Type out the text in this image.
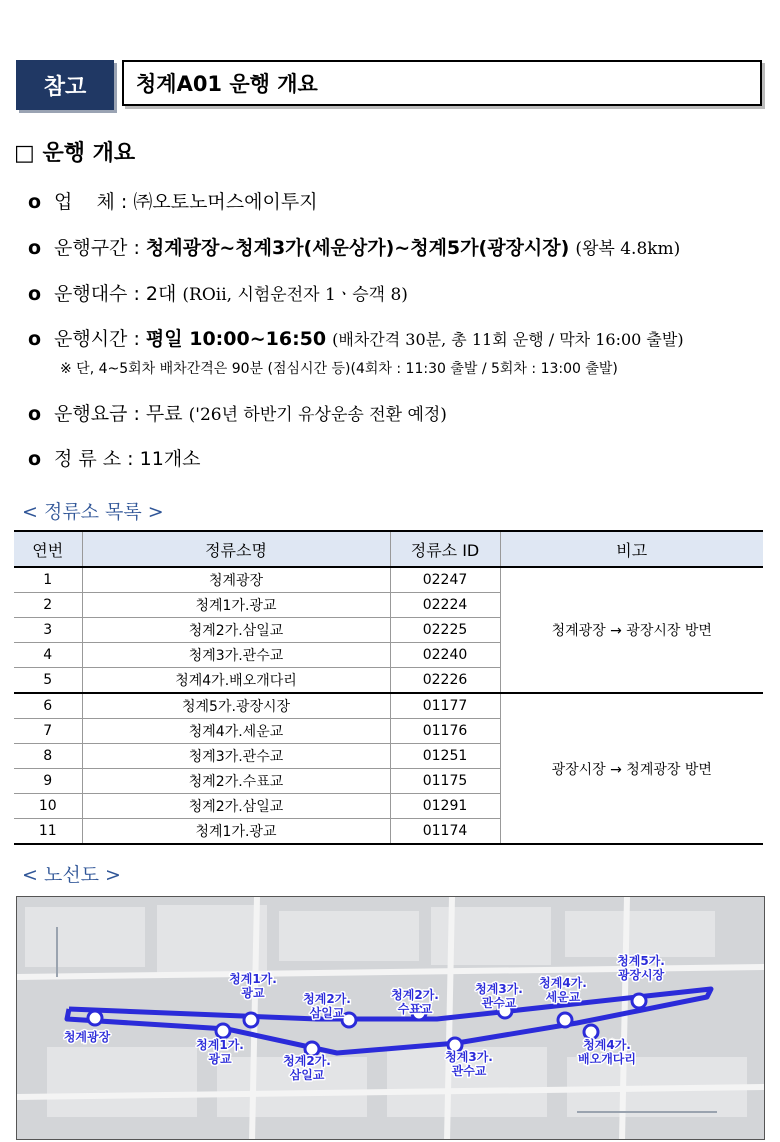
참고	청계A01 운행 개요
□ 운행 개요
o 업    체 : ㈜오토노머스에이투지
o 운행구간 : 청계광장~청계3가(세운상가)~청계5가(광장시장) (왕복 4.8km)
o 운행대수 : 2대 (ROii, 시험운전자 1ㆍ승객 8)
o 운행시간 : 평일 10:00~16:50 (배차간격 30분, 총 11회 운행 / 막차 16:00 출발)
※ 단, 4~5회차 배차간격은 90분 (점심시간 등)(4회차 : 11:30 출발 / 5회차 : 13:00 출발)
o 운행요금 : 무료 ('26년 하반기 유상운송 전환 예정)
o 정 류 소 : 11개소
< 정류소 목록 >
연번	정류소명	정류소 ID	비고
1	청계광장	02247	청계광장 → 광장시장 방면
2	청계1가.광교	02224	
3	청계2가.삼일교	02225	
4	청계3가.관수교	02240	
5	청계4가.배오개다리	02226	
6	청계5가.광장시장	01177	광장시장 → 청계광장 방면
7	청계4가.세운교	01176	
8	청계3가.관수교	01251	
9	청계2가.수표교	01175	
10	청계2가.삼일교	01291	
11	청계1가.광교	01174	
< 노선도 >
청계광장
청계1가. 광교	청계2가. 삼일교
청계2가. 수표교
청계3가. 관수교
청계4가. 세운교
청계5가. 광장시장
청계1가. 광교	청계2가. 삼일교
청계3가. 관수교
청계4가. 배오개다리
